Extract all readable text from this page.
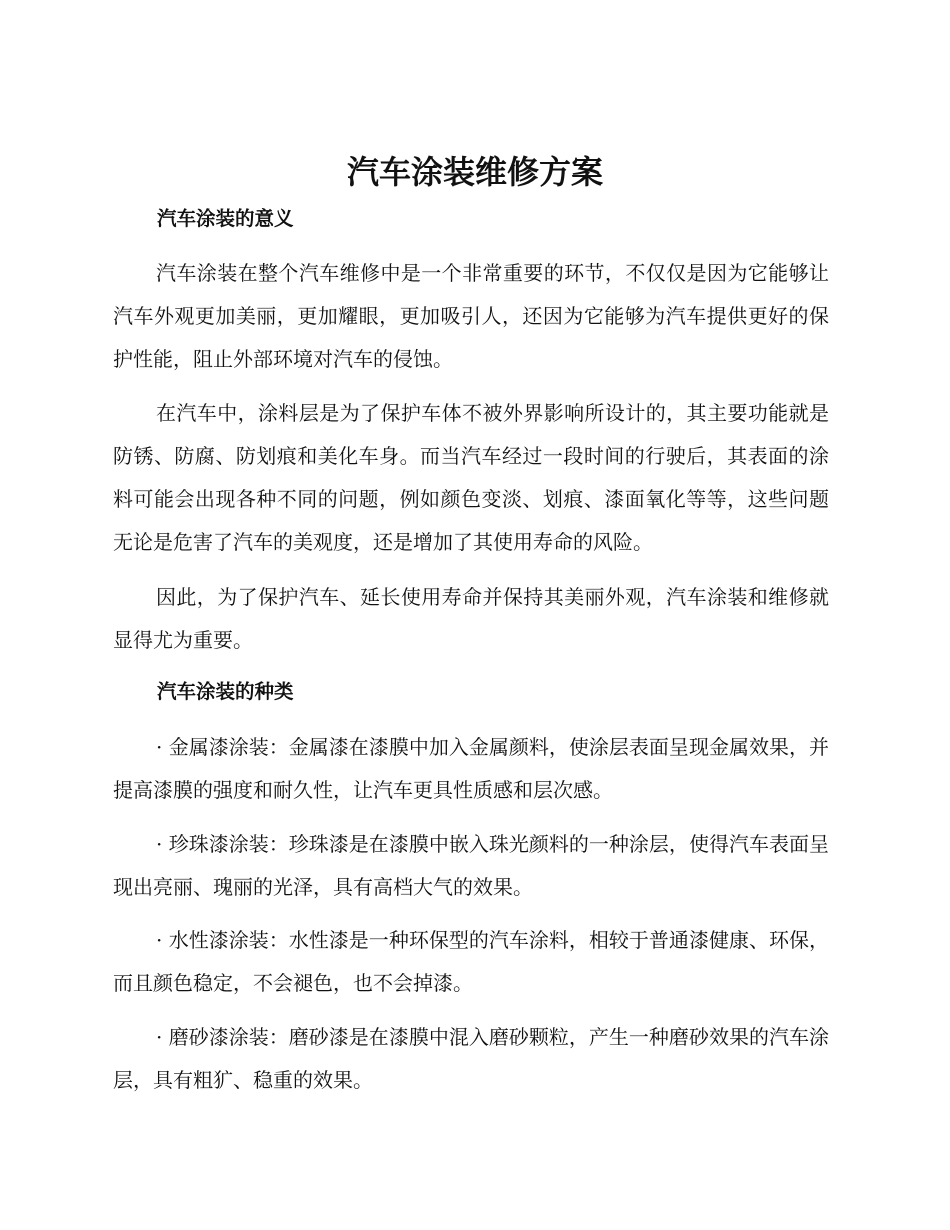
汽车涂装维修方案
汽车涂装的意义

汽车涂装在整个汽车维修中是一个非常重要的环节，不仅仅是因为它能够让汽车外观更加美丽，更加耀眼，更加吸引人，还因为它能够为汽车提供更好的保护性能，阻止外部环境对汽车的侵蚀。

在汽车中，涂料层是为了保护车体不被外界影响所设计的，其主要功能就是防锈、防腐、防划痕和美化车身。而当汽车经过一段时间的行驶后，其表面的涂料可能会出现各种不同的问题，例如颜色变淡、划痕、漆面氧化等等，这些问题无论是危害了汽车的美观度，还是增加了其使用寿命的风险。

因此，为了保护汽车、延长使用寿命并保持其美丽外观，汽车涂装和维修就显得尤为重要。

汽车涂装的种类

· 金属漆涂装：金属漆在漆膜中加入金属颜料，使涂层表面呈现金属效果，并提高漆膜的强度和耐久性，让汽车更具性质感和层次感。

· 珍珠漆涂装：珍珠漆是在漆膜中嵌入珠光颜料的一种涂层，使得汽车表面呈现出亮丽、瑰丽的光泽，具有高档大气的效果。

· 水性漆涂装：水性漆是一种环保型的汽车涂料，相较于普通漆健康、环保，而且颜色稳定，不会褪色，也不会掉漆。

· 磨砂漆涂装：磨砂漆是在漆膜中混入磨砂颗粒，产生一种磨砂效果的汽车涂层，具有粗犷、稳重的效果。
